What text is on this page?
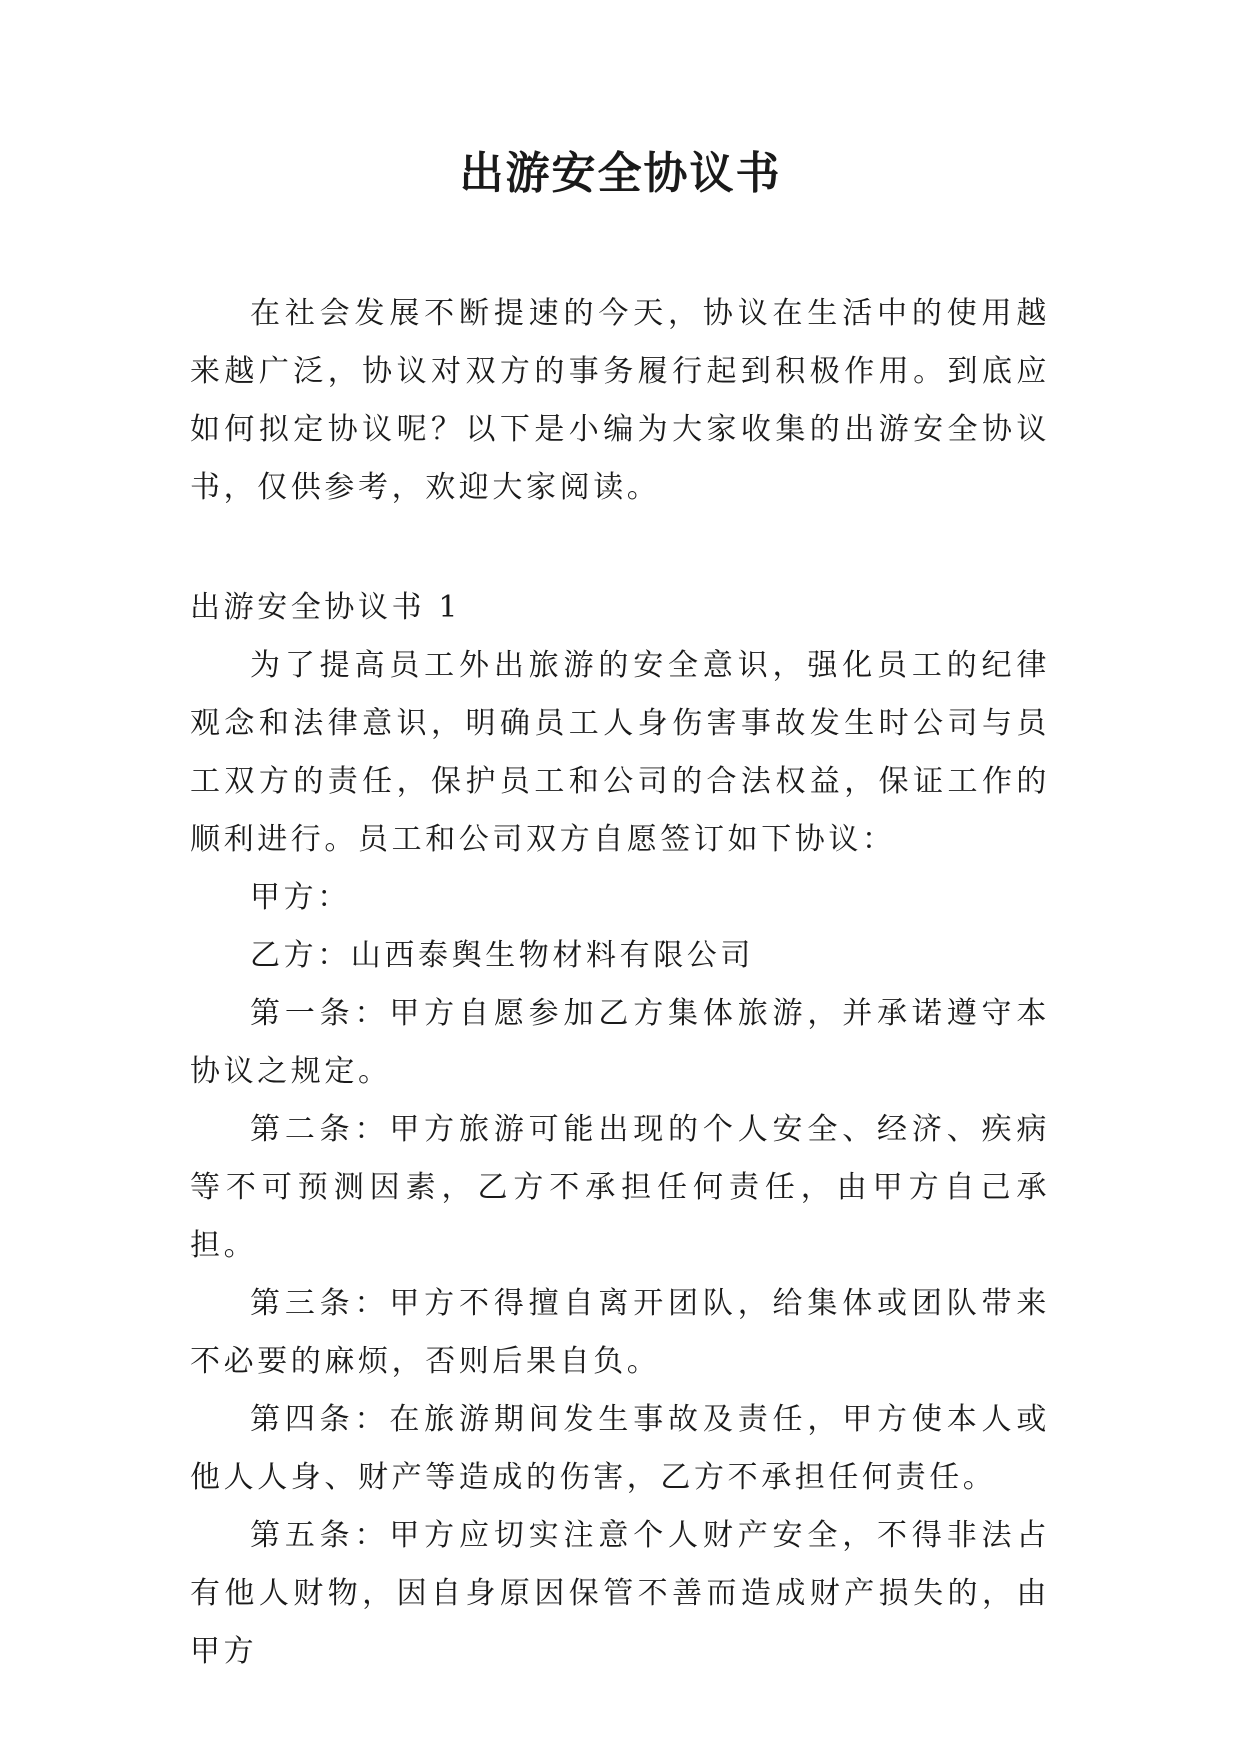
出游安全协议书

在社会发展不断提速的今天，协议在生活中的使用越来越广泛，协议对双方的事务履行起到积极作用。到底应如何拟定协议呢？以下是小编为大家收集的出游安全协议书，仅供参考，欢迎大家阅读。

出游安全协议书 1

为了提高员工外出旅游的安全意识，强化员工的纪律观念和法律意识，明确员工人身伤害事故发生时公司与员工双方的责任，保护员工和公司的合法权益，保证工作的顺利进行。员工和公司双方自愿签订如下协议：

甲方：

乙方：山西泰舆生物材料有限公司

第一条：甲方自愿参加乙方集体旅游，并承诺遵守本协议之规定。

第二条：甲方旅游可能出现的个人安全、经济、疾病等不可预测因素，乙方不承担任何责任，由甲方自己承担。

第三条：甲方不得擅自离开团队，给集体或团队带来不必要的麻烦，否则后果自负。

第四条：在旅游期间发生事故及责任，甲方使本人或他人人身、财产等造成的伤害，乙方不承担任何责任。

第五条：甲方应切实注意个人财产安全，不得非法占有他人财物，因自身原因保管不善而造成财产损失的，由甲方
